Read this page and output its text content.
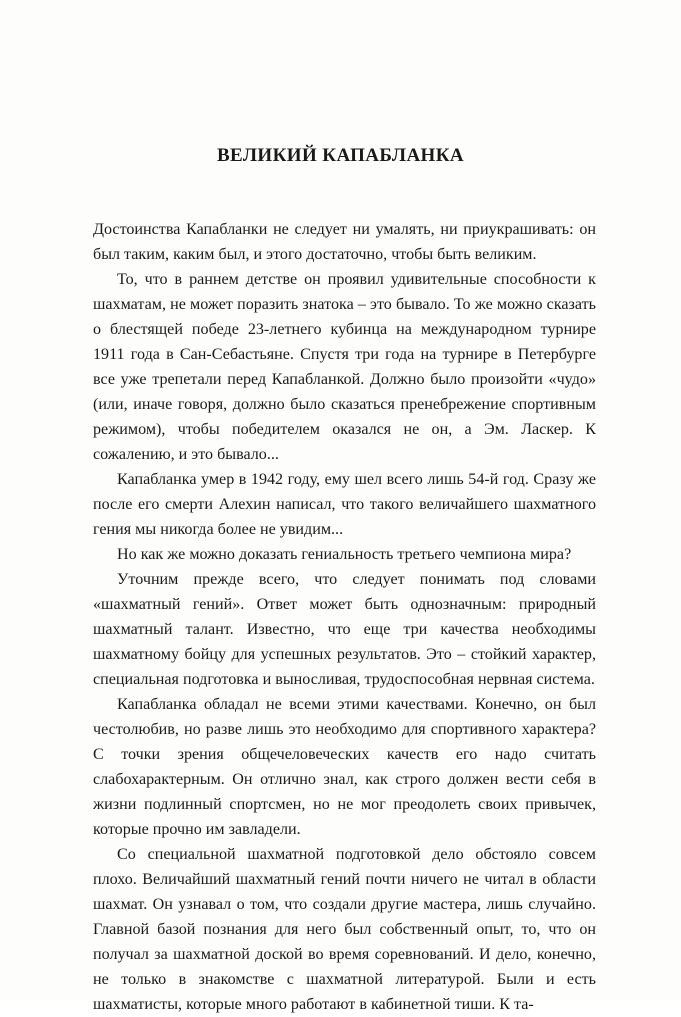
ВЕЛИКИЙ КАПАБЛАНКА

Достоинства Капабланки не следует ни умалять, ни приукрашивать: он был таким, каким был, и этого достаточно, чтобы быть великим.

То, что в раннем детстве он проявил удивительные способности к шахматам, не может поразить знатока – это бывало. То же можно сказать о блестящей победе 23-летнего кубинца на международном турнире 1911 года в Сан-Себастьяне. Спустя три года на турнире в Петербурге все уже трепетали перед Капабланкой. Должно было произойти «чудо» (или, иначе говоря, должно было сказаться пренебрежение спортивным режимом), чтобы победителем оказался не он, а Эм. Ласкер. К сожалению, и это бывало...

Капабланка умер в 1942 году, ему шел всего лишь 54-й год. Сразу же после его смерти Алехин написал, что такого величайшего шахматного гения мы никогда более не увидим...

Но как же можно доказать гениальность третьего чемпиона мира?

Уточним прежде всего, что следует понимать под словами «шахматный гений». Ответ может быть однозначным: природный шахматный талант. Известно, что еще три качества необходимы шахматному бойцу для успешных результатов. Это – стойкий характер, специальная подготовка и выносливая, трудоспособная нервная система.

Капабланка обладал не всеми этими качествами. Конечно, он был честолюбив, но разве лишь это необходимо для спортивного характера? С точки зрения общечеловеческих качеств его надо считать слабохарактерным. Он отлично знал, как строго должен вести себя в жизни подлинный спортсмен, но не мог преодолеть своих привычек, которые прочно им завладели.

Со специальной шахматной подготовкой дело обстояло совсем плохо. Величайший шахматный гений почти ничего не читал в области шахмат. Он узнавал о том, что создали другие мастера, лишь случайно. Главной базой познания для него был собственный опыт, то, что он получал за шахматной доской во время соревнований. И дело, конечно, не только в знакомстве с шахматной литературой. Были и есть шахматисты, которые много работают в кабинетной тиши. К та-
